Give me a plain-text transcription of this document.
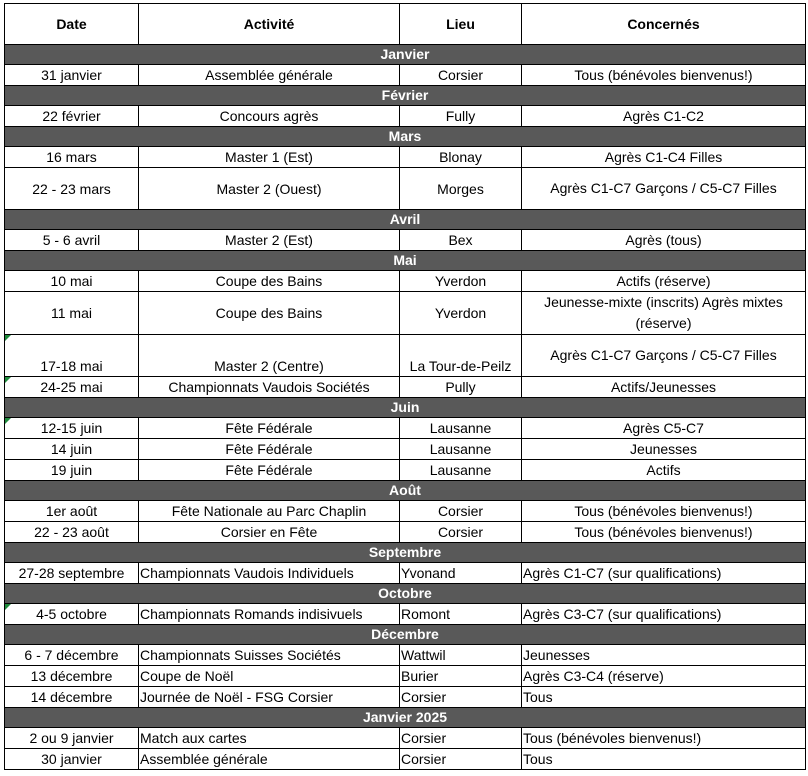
Date	Activité	Lieu	Concernés
Janvier			
31 janvier	Assemblée générale	Corsier	Tous (bénévoles bienvenus!)
Février			
22 février	Concours agrès	Fully	Agrès C1-C2
Mars			
16 mars	Master 1 (Est)	Blonay	Agrès C1-C4 Filles
22 - 23 mars	Master 2 (Ouest)	Morges	Agrès C1-C7 Garçons / C5-C7 Filles
Avril			
5 - 6 avril	Master 2 (Est)	Bex	Agrès (tous)
Mai			
10 mai	Coupe des Bains	Yverdon	Actifs (réserve)
11 mai	Coupe des Bains	Yverdon	Jeunesse-mixte (inscrits) Agrès mixtes (réserve)
17-18 mai	Master 2 (Centre)	La Tour-de-Peilz	Agrès C1-C7 Garçons / C5-C7 Filles
24-25 mai	Championnats Vaudois Sociétés	Pully	Actifs/Jeunesses
Juin			
12-15 juin	Fête Fédérale	Lausanne	Agrès C5-C7
14 juin	Fête Fédérale	Lausanne	Jeunesses
19 juin	Fête Fédérale	Lausanne	Actifs
Août			
1er août	Fête Nationale au Parc Chaplin	Corsier	Tous (bénévoles bienvenus!)
22 - 23 août	Corsier en Fête	Corsier	Tous (bénévoles bienvenus!)
Septembre			
27-28 septembre	Championnats Vaudois Individuels	Yvonand	Agrès C1-C7 (sur qualifications)
Octobre			
4-5 octobre	Championnats Romands indisivuels	Romont	Agrès C3-C7 (sur qualifications)
Décembre			
6 - 7 décembre	Championnats Suisses Sociétés	Wattwil	Jeunesses
13 décembre	Coupe de Noël	Burier	Agrès C3-C4 (réserve)
14 décembre	Journée de Noël - FSG Corsier	Corsier	Tous
Janvier 2025			
2 ou 9 janvier	Match aux cartes	Corsier	Tous (bénévoles bienvenus!)
30 janvier	Assemblée générale	Corsier	Tous
